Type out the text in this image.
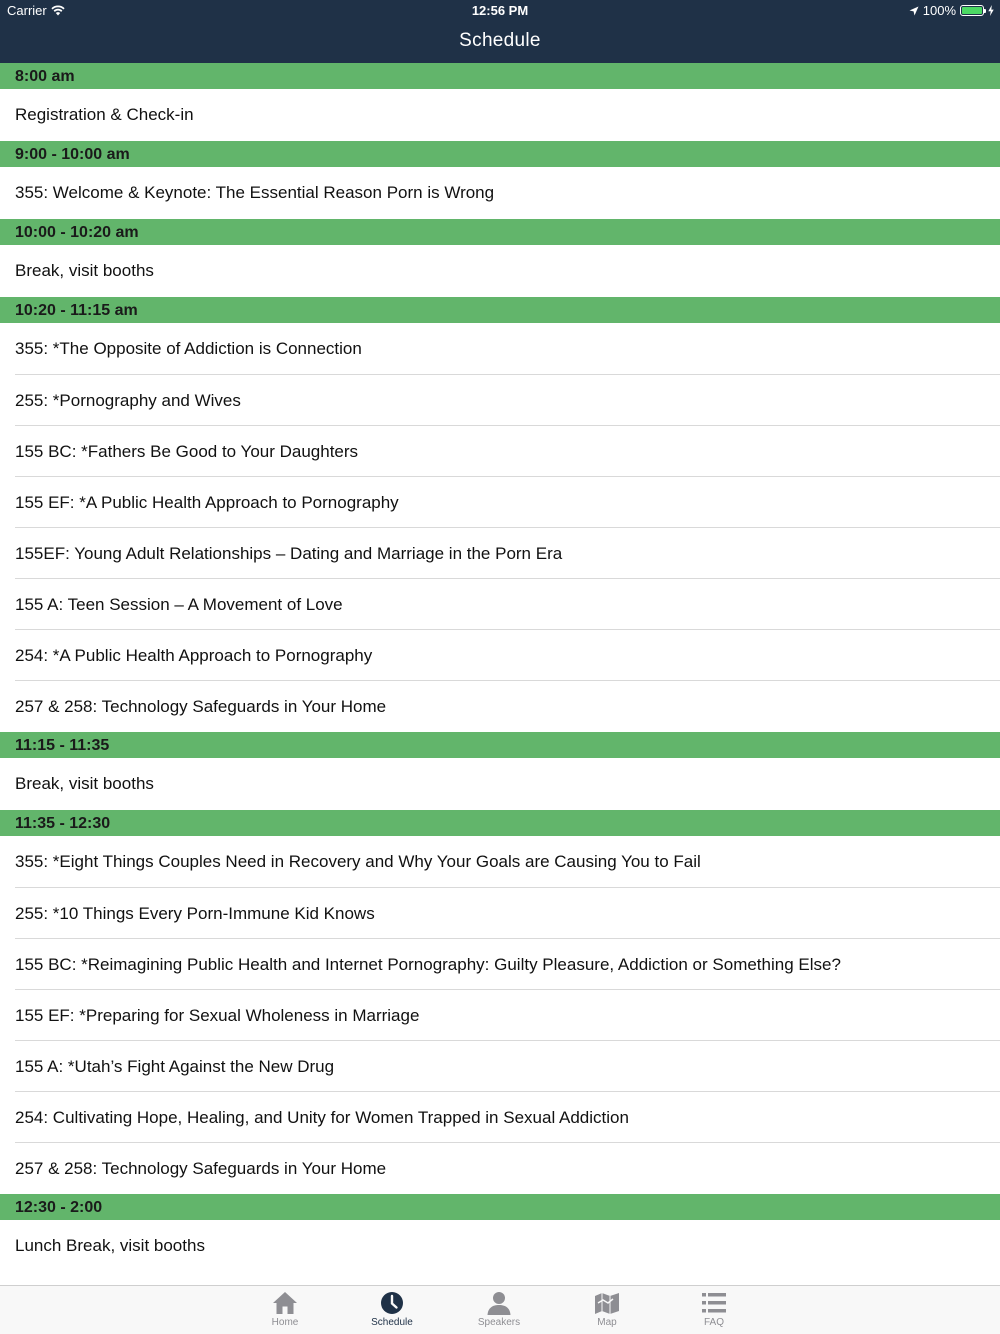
Carrier	12:56 PM	100%
Schedule
8:00 am
Registration & Check-in
9:00 - 10:00 am
355: Welcome & Keynote: The Essential Reason Porn is Wrong
10:00 - 10:20 am
Break, visit booths
10:20 - 11:15 am
355: *The Opposite of Addiction is Connection
255: *Pornography and Wives
155 BC: *Fathers Be Good to Your Daughters
155 EF: *A Public Health Approach to Pornography
155EF: Young Adult Relationships – Dating and Marriage in the Porn Era
155 A: Teen Session – A Movement of Love
254: *A Public Health Approach to Pornography
257 & 258: Technology Safeguards in Your Home
11:15 - 11:35
Break, visit booths
11:35 - 12:30
355: *Eight Things Couples Need in Recovery and Why Your Goals are Causing You to Fail
255: *10 Things Every Porn-Immune Kid Knows
155 BC: *Reimagining Public Health and Internet Pornography: Guilty Pleasure, Addiction or Something Else?
155 EF: *Preparing for Sexual Wholeness in Marriage
155 A: *Utah’s Fight Against the New Drug
254: Cultivating Hope, Healing, and Unity for Women Trapped in Sexual Addiction
257 & 258: Technology Safeguards in Your Home
12:30 - 2:00
Lunch Break, visit booths
Home	Schedule	Speakers	Map	FAQ
